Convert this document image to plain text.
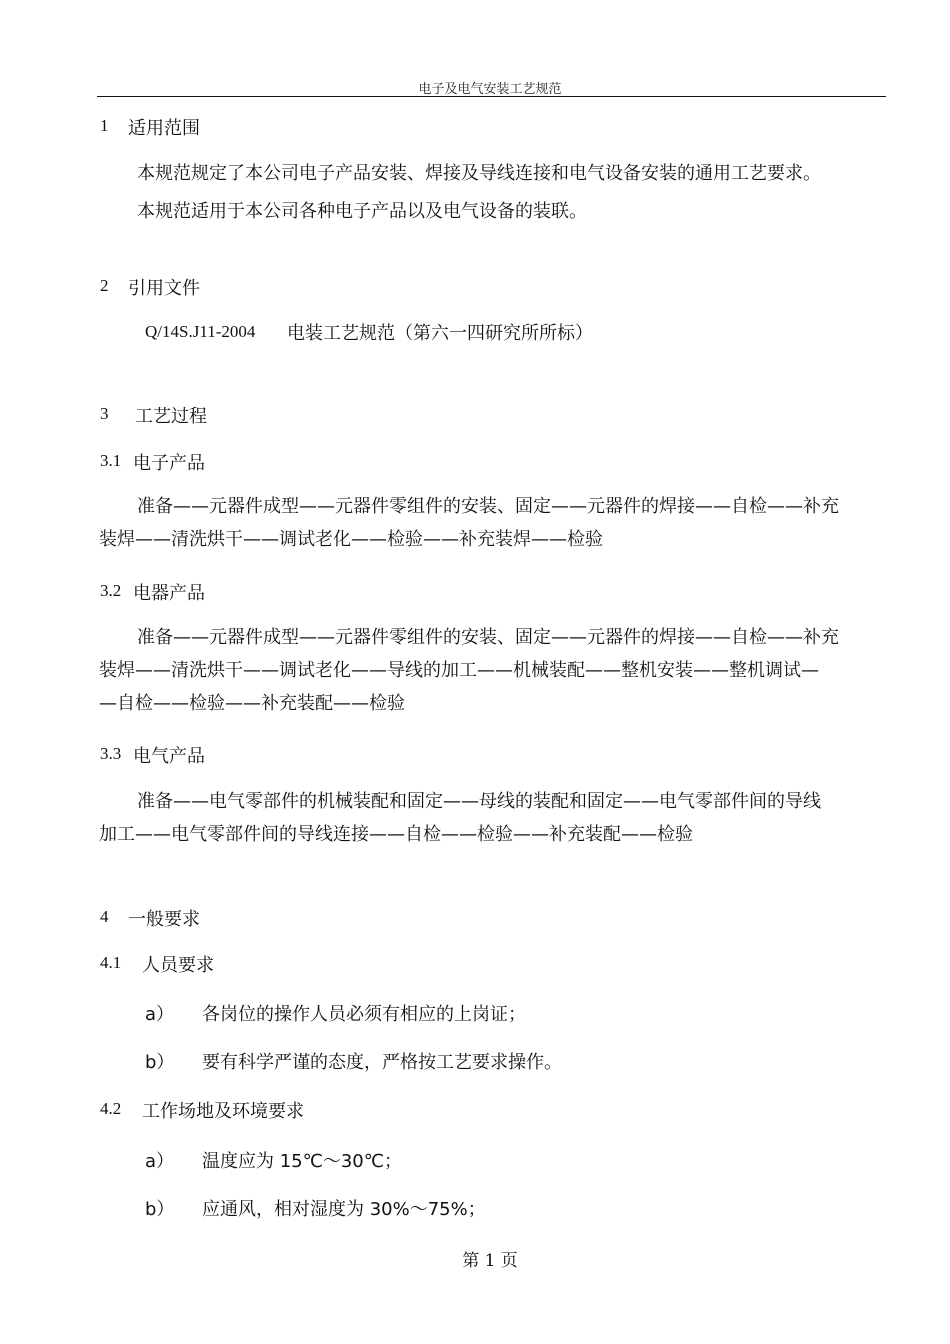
电子及电气安装工艺规范
1 适用范围
本规范规定了本公司电子产品安装、焊接及导线连接和电气设备安装的通用工艺要求。
本规范适用于本公司各种电子产品以及电气设备的装联。
2 引用文件
Q/14S.J11-2004 电装工艺规范（第六一四研究所所标）
3 工艺过程
3.1 电子产品
准备——元器件成型——元器件零组件的安装、固定——元器件的焊接——自检——补充
装焊——清洗烘干——调试老化——检验——补充装焊——检验
3.2 电器产品
准备——元器件成型——元器件零组件的安装、固定——元器件的焊接——自检——补充
装焊——清洗烘干——调试老化——导线的加工——机械装配——整机安装——整机调试—
—自检——检验——补充装配——检验
3.3 电气产品
准备——电气零部件的机械装配和固定——母线的装配和固定——电气零部件间的导线
加工——电气零部件间的导线连接——自检——检验——补充装配——检验
4 一般要求
4.1 人员要求
a） 各岗位的操作人员必须有相应的上岗证；
b） 要有科学严谨的态度，严格按工艺要求操作。
4.2 工作场地及环境要求
a） 温度应为 15℃～30℃；
b） 应通风，相对湿度为 30%～75%；
第 1 页
